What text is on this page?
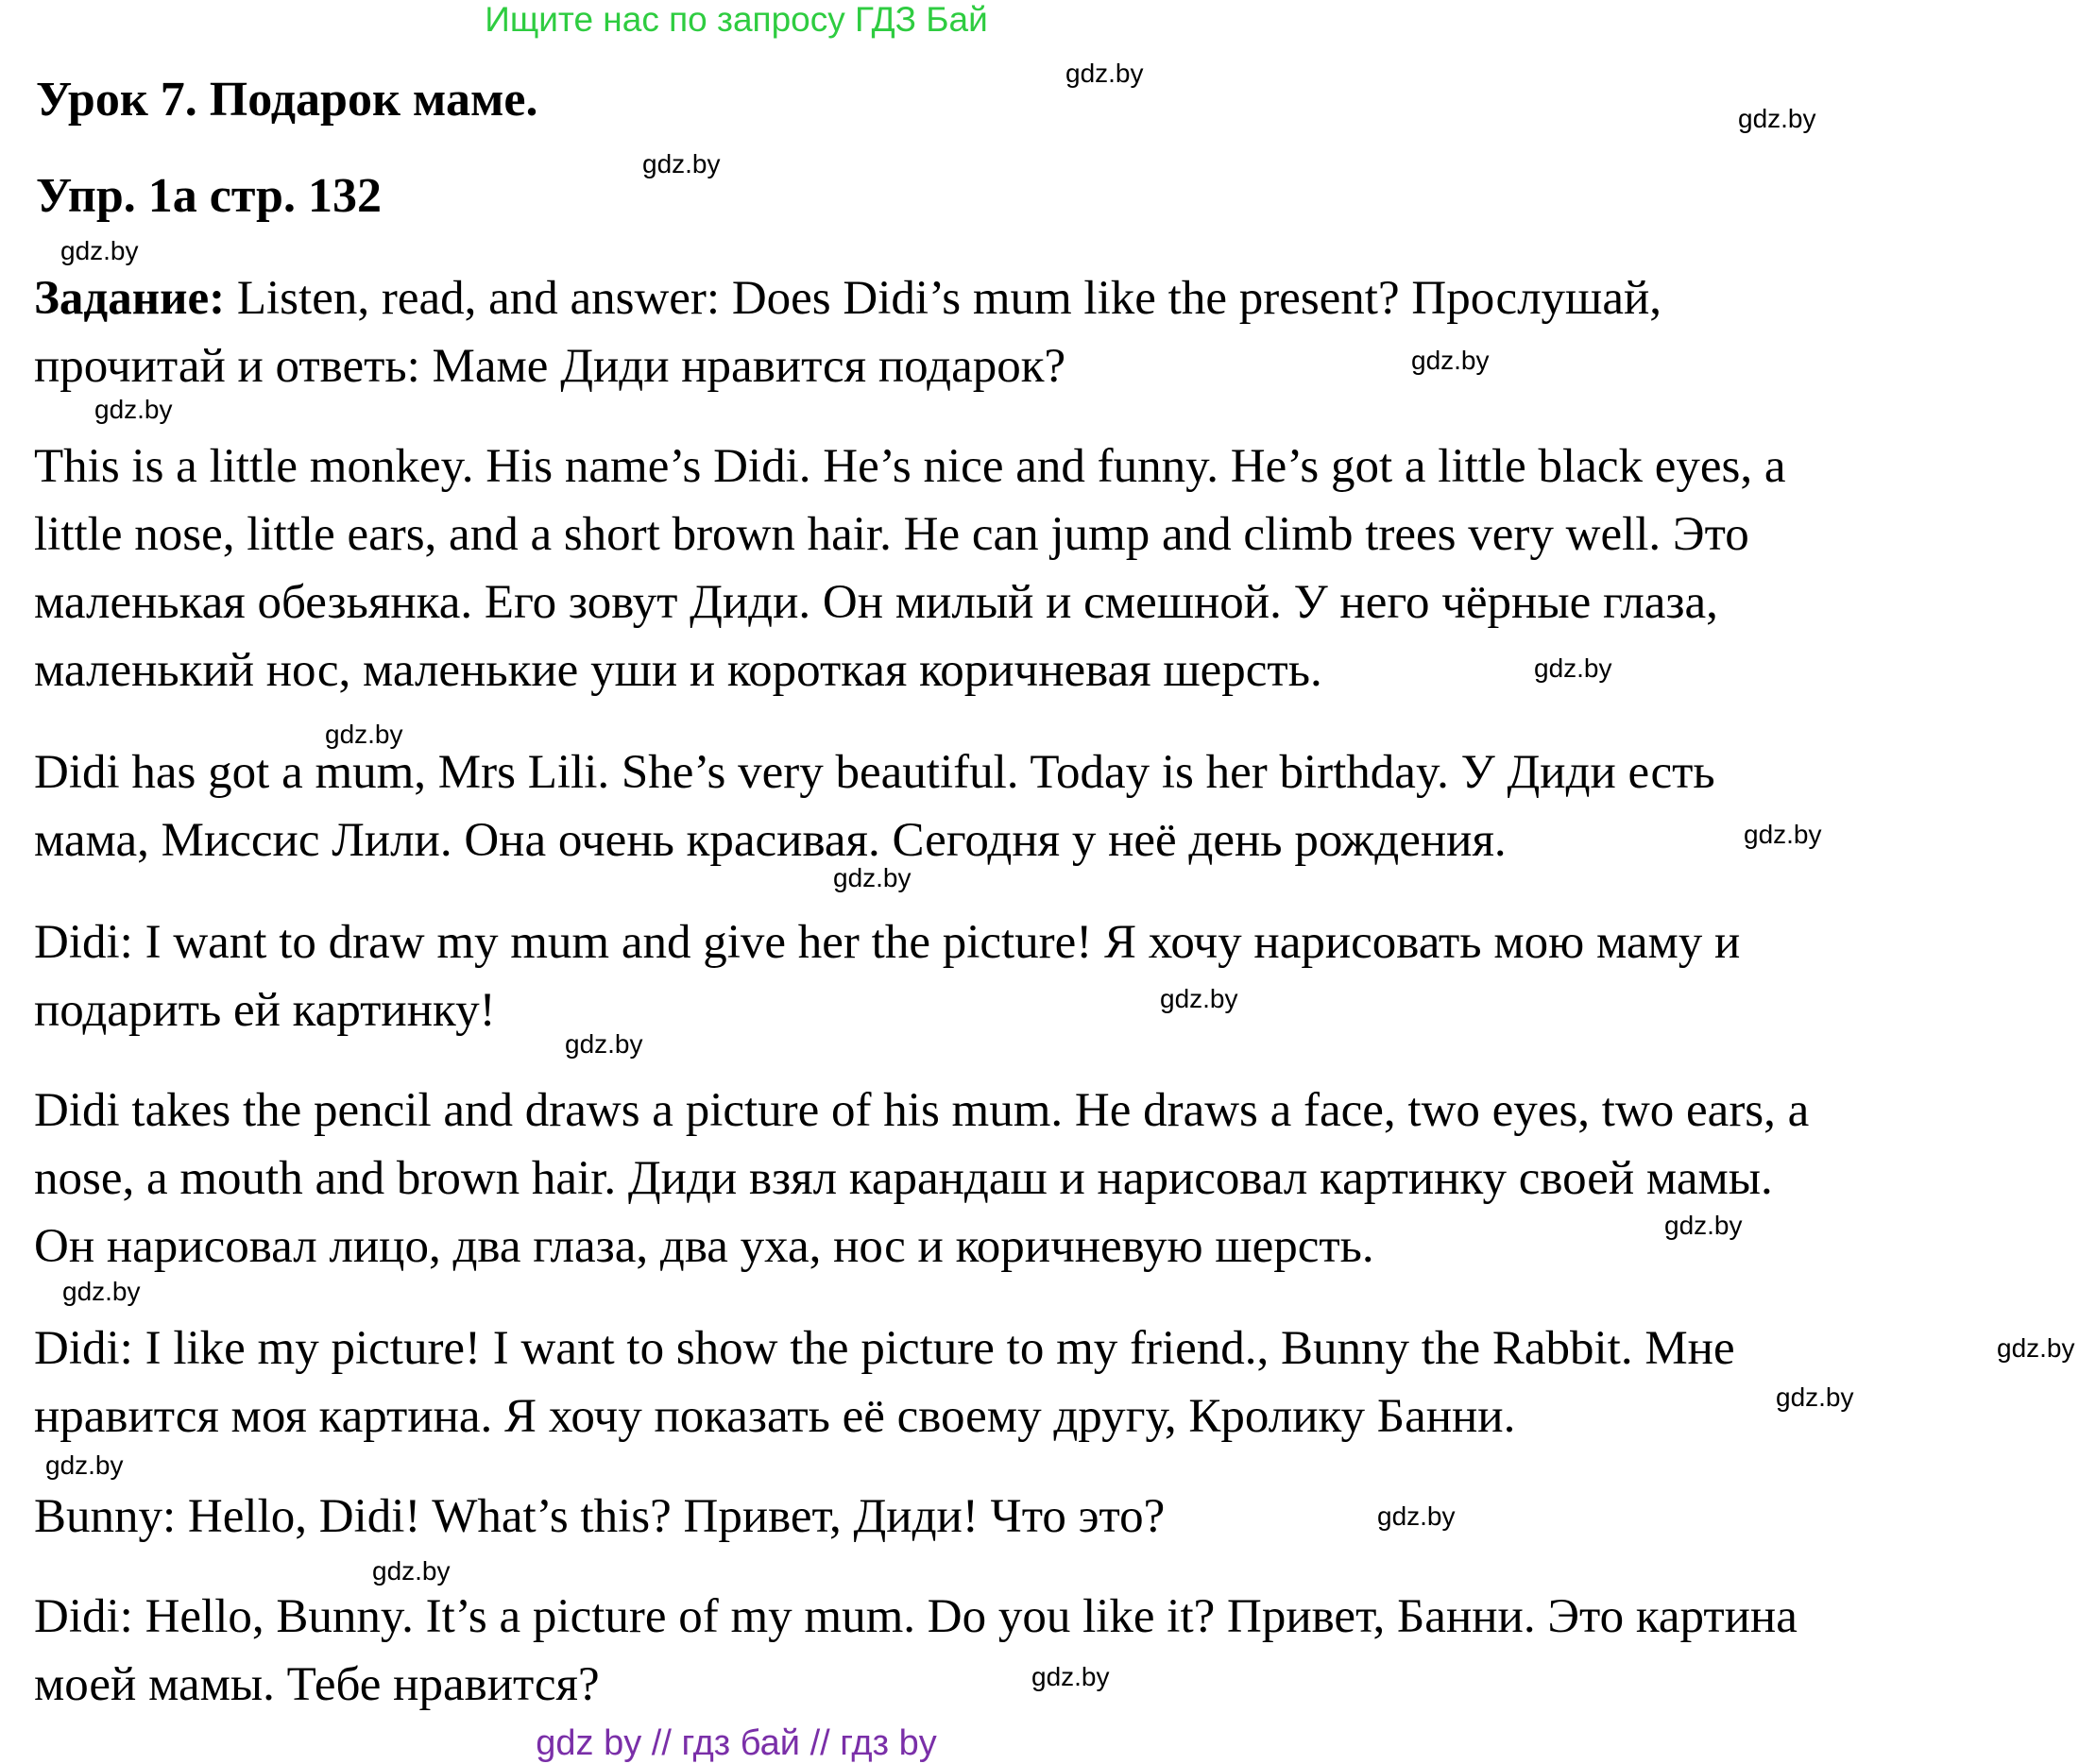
Ищите нас по запросу ГДЗ Бай
Урок 7. Подарок маме.
Упр. 1а стр. 132
Задание: Listen, read, and answer: Does Didi’s mum like the present? Прослушай,
прочитай и ответь: Маме Диди нравится подарок?
This is a little monkey. His name’s Didi. He’s nice and funny. He’s got a little black eyes, a
little nose, little ears, and a short brown hair. He can jump and climb trees very well. Это
маленькая обезьянка. Его зовут Диди. Он милый и смешной. У него чёрные глаза,
маленький нос, маленькие уши и короткая коричневая шерсть.
Didi has got a mum, Mrs Lili. She’s very beautiful. Today is her birthday. У Диди есть
мама, Миссис Лили. Она очень красивая. Сегодня у неё день рождения.
Didi: I want to draw my mum and give her the picture! Я хочу нарисовать мою маму и
подарить ей картинку!
Didi takes the pencil and draws a picture of his mum. He draws a face, two eyes, two ears, a
nose, a mouth and brown hair. Диди взял карандаш и нарисовал картинку своей мамы.
Он нарисовал лицо, два глаза, два уха, нос и коричневую шерсть.
Didi: I like my picture! I want to show the picture to my friend., Bunny the Rabbit. Мне
нравится моя картина. Я хочу показать её своему другу, Кролику Банни.
Bunny: Hello, Didi! What’s this? Привет, Диди! Что это?
Didi: Hello, Bunny. It’s a picture of my mum. Do you like it? Привет, Банни. Это картина
моей мамы. Тебе нравится?
gdz.by
gdz.by
gdz.by
gdz.by
gdz.by
gdz.by
gdz.by
gdz.by
gdz.by
gdz.by
gdz.by
gdz.by
gdz.by
gdz.by
gdz.by
gdz.by
gdz.by
gdz.by
gdz.by
gdz.by
gdz by // гдз бай // гдз by
